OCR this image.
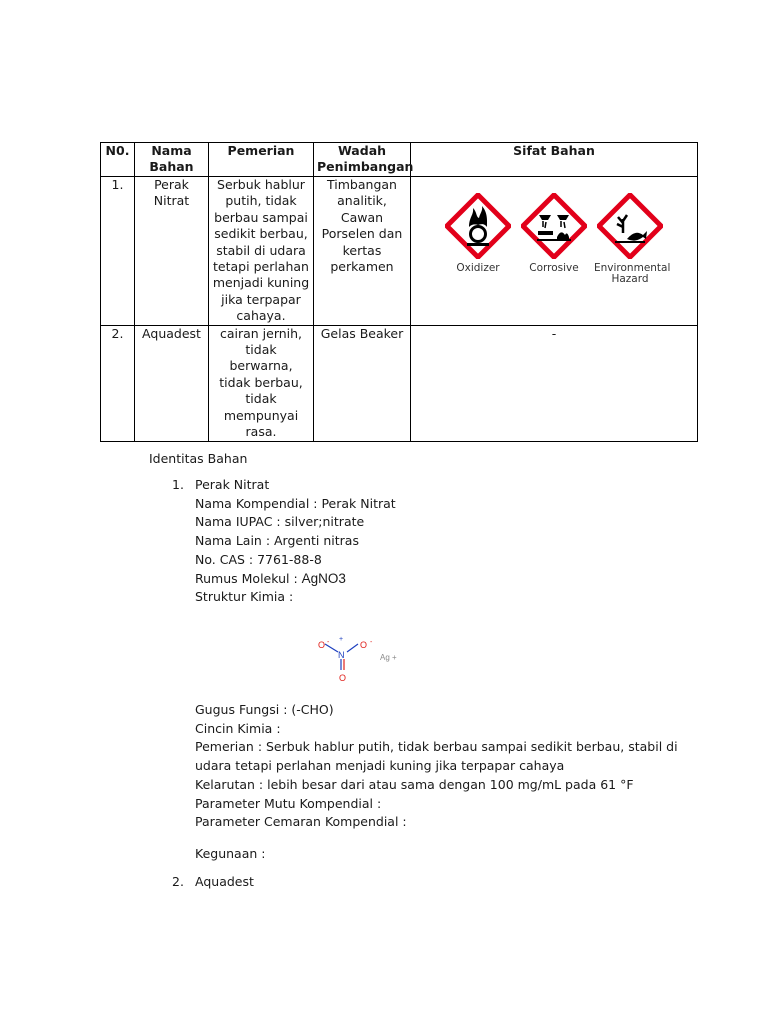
N0.	Nama Bahan	Pemerian	Wadah Penimbangan	Sifat Bahan
1.	Perak Nitrat	Serbuk hablur putih, tidak berbau sampai sedikit berbau, stabil di udara tetapi perlahan menjadi kuning jika terpapar cahaya.	Timbangan analitik, Cawan Porselen dan kertas perkamen	Oxidizer Corrosive Environmental Hazard

2.	Aquadest	cairan jernih, tidak berwarna, tidak berbau, tidak mempunyai rasa.	Gelas Beaker	-
Identitas Bahan
1. Perak Nitrat
Nama Kompendial : Perak Nitrat
Nama IUPAC : silver;nitrate
Nama Lain : Argenti nitras
No. CAS : 7761-88-8
Rumus Molekul : AgNO3
Struktur Kimia :
O - +
N
O -
O
Ag +
Gugus Fungsi : (-CHO)
Cincin Kimia :
Pemerian : Serbuk hablur putih, tidak berbau sampai sedikit berbau, stabil di
udara tetapi perlahan menjadi kuning jika terpapar cahaya
Kelarutan : lebih besar dari atau sama dengan 100 mg/mL pada 61 °F
Parameter Mutu Kompendial :
Parameter Cemaran Kompendial :
Kegunaan :
2. Aquadest
